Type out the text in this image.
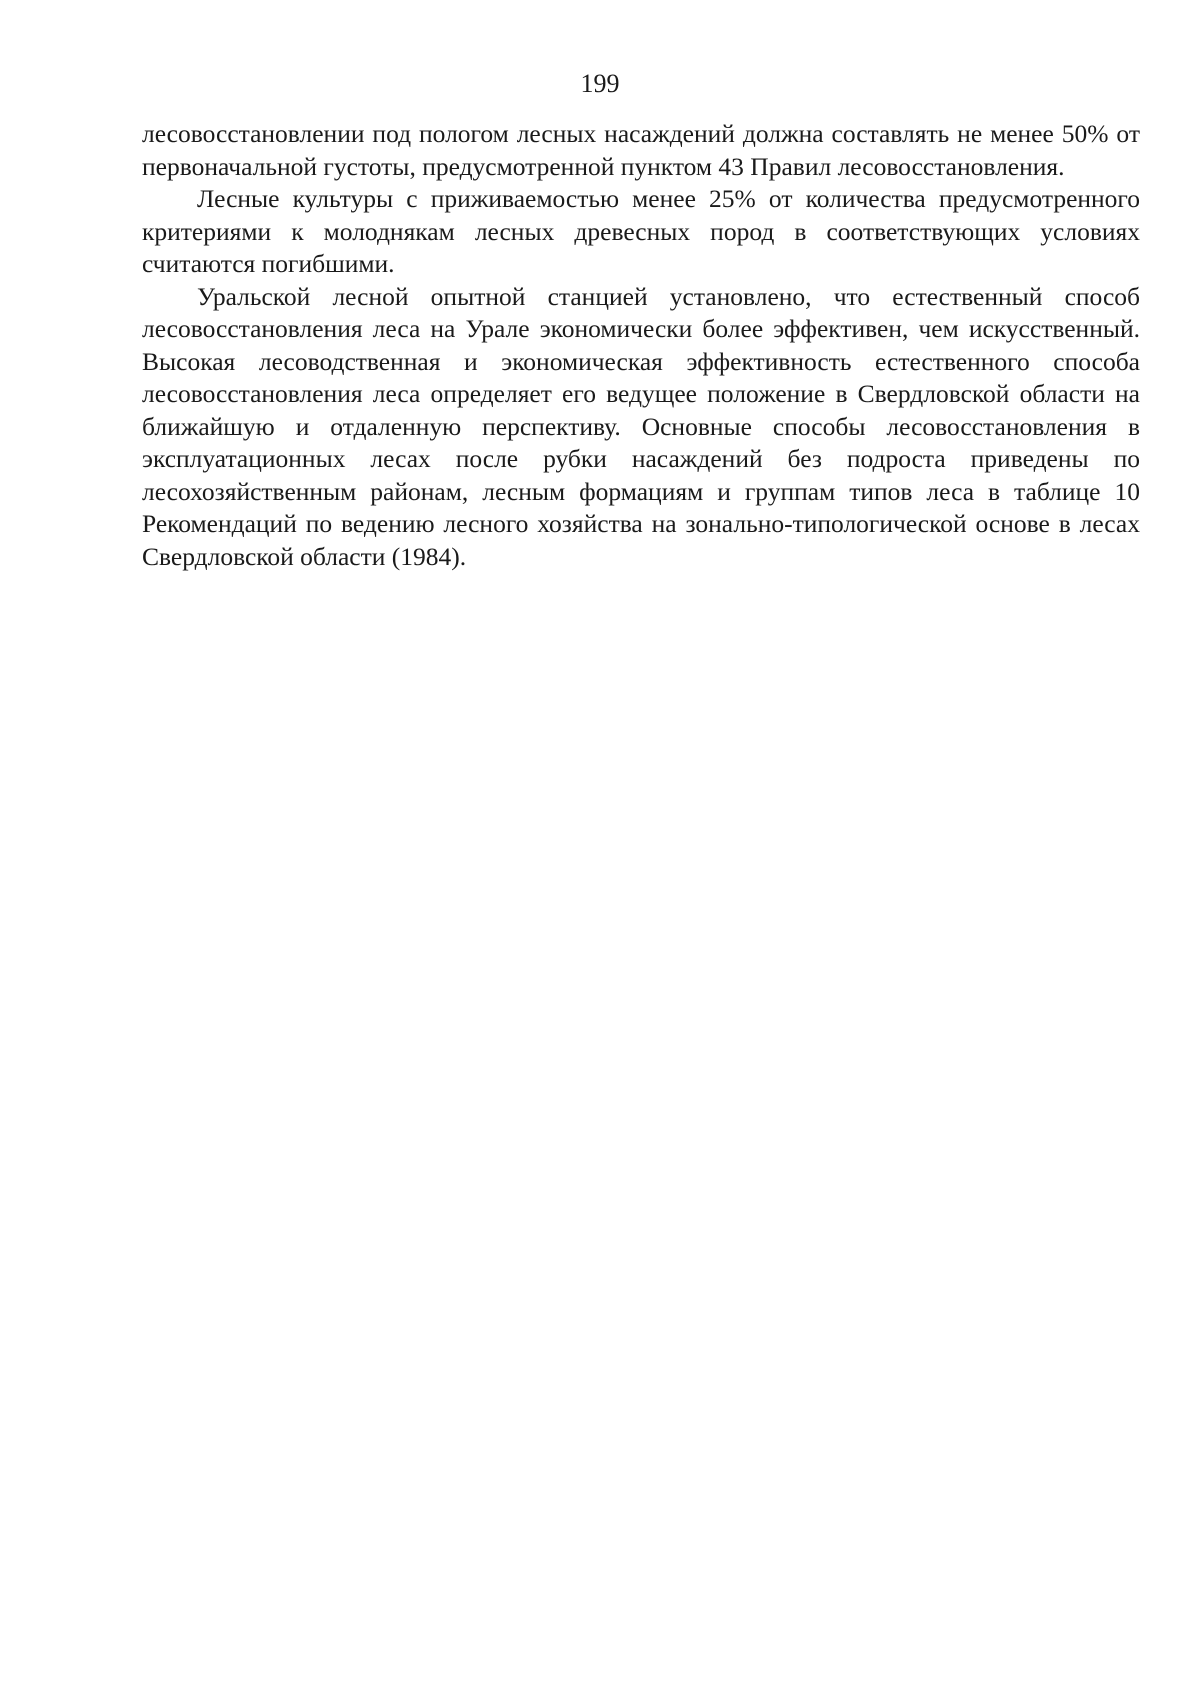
199

лесовосстановлении под пологом лесных насаждений должна составлять не менее 50% от первоначальной густоты, предусмотренной пунктом 43 Правил лесовосстановления.

Лесные культуры с приживаемостью менее 25% от количества предусмотренного критериями к молоднякам лесных древесных пород в соответствующих условиях считаются погибшими.

Уральской лесной опытной станцией установлено, что естественный способ лесовосстановления леса на Урале экономически более эффективен, чем искусственный. Высокая лесоводственная и экономическая эффективность естественного способа лесовосстановления леса определяет его ведущее положение в Свердловской области на ближайшую и отдаленную перспективу. Основные способы лесовосстановления в эксплуатационных лесах после рубки насаждений без подроста приведены по лесохозяйственным районам, лесным формациям и группам типов леса в таблице 10 Рекомендаций по ведению лесного хозяйства на зонально-типологической основе в лесах Свердловской области (1984).
